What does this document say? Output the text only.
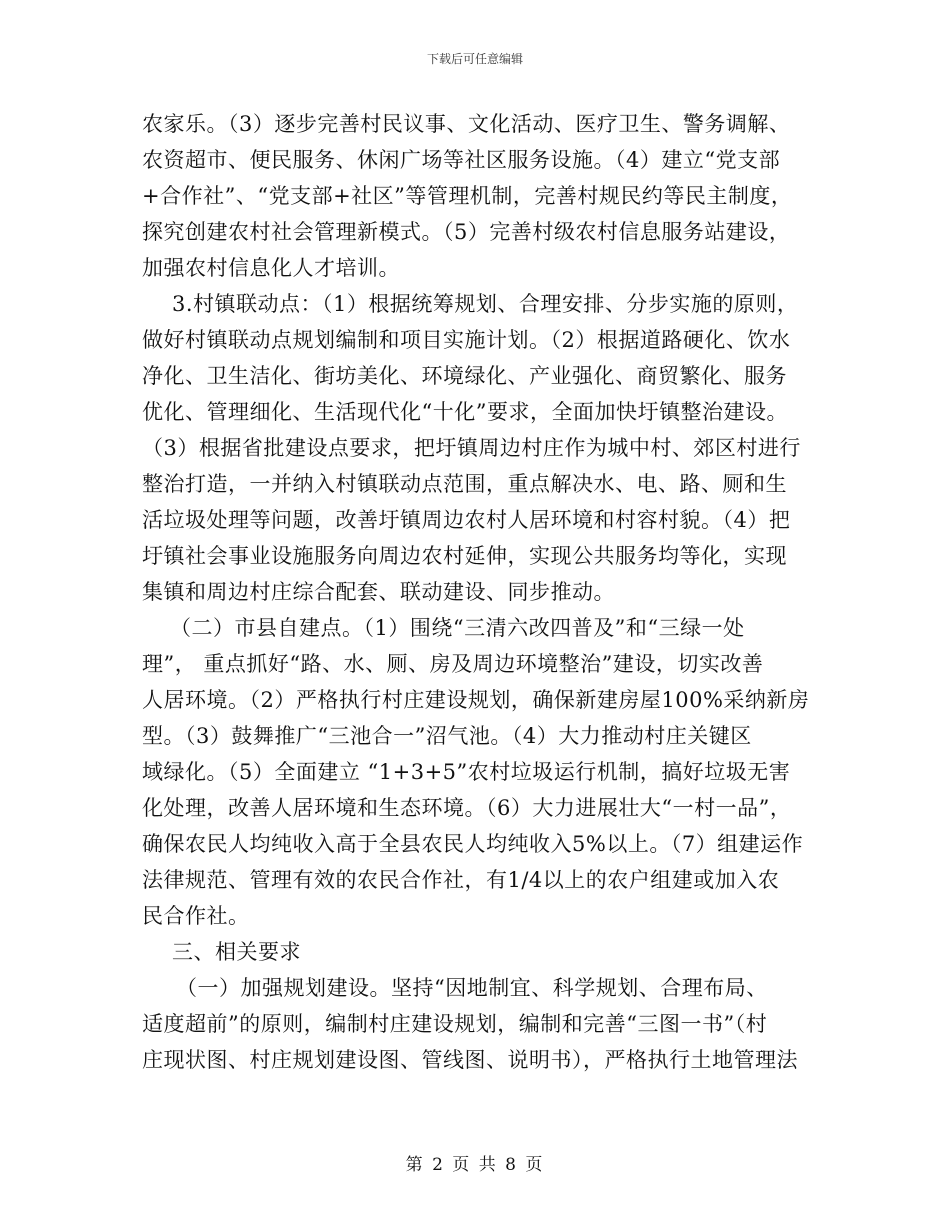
下载后可任意编辑
农家乐。（3）逐步完善村民议事、文化活动、医疗卫生、警务调解、
农资超市、便民服务、休闲广场等社区服务设施。（4）建立“党支部
+合作社”、“党支部+社区”等管理机制，完善村规民约等民主制度，
探究创建农村社会管理新模式。（5）完善村级农村信息服务站建设，
加强农村信息化人才培训。
3.村镇联动点：（1）根据统筹规划、合理安排、分步实施的原则，
做好村镇联动点规划编制和项目实施计划。（2）根据道路硬化、饮水
净化、卫生洁化、街坊美化、环境绿化、产业强化、商贸繁化、服务
优化、管理细化、生活现代化“十化”要求，全面加快圩镇整治建设。
（3）根据省批建设点要求，把圩镇周边村庄作为城中村、郊区村进行
整治打造，一并纳入村镇联动点范围，重点解决水、电、路、厕和生
活垃圾处理等问题，改善圩镇周边农村人居环境和村容村貌。（4）把
圩镇社会事业设施服务向周边农村延伸，实现公共服务均等化，实现
集镇和周边村庄综合配套、联动建设、同步推动。
（二）市县自建点。（1）围绕“三清六改四普及”和“三绿一处
理”， 重点抓好“路、水、厕、房及周边环境整治”建设，切实改善
人居环境。（2）严格执行村庄建设规划，确保新建房屋100%采纳新房
型。（3）鼓舞推广“三池合一”沼气池。（4）大力推动村庄关键区
域绿化。（5）全面建立 “1+3+5”农村垃圾运行机制，搞好垃圾无害
化处理，改善人居环境和生态环境。（6）大力进展壮大“一村一品”，
确保农民人均纯收入高于全县农民人均纯收入5%以上。（7）组建运作
法律规范、管理有效的农民合作社，有1/4以上的农户组建或加入农
民合作社。
三、相关要求
（一）加强规划建设。坚持“因地制宜、科学规划、合理布局、
适度超前”的原则，编制村庄建设规划，编制和完善“三图一书”（村
庄现状图、村庄规划建设图、管线图、说明书），严格执行土地管理法
第 2 页 共 8 页
